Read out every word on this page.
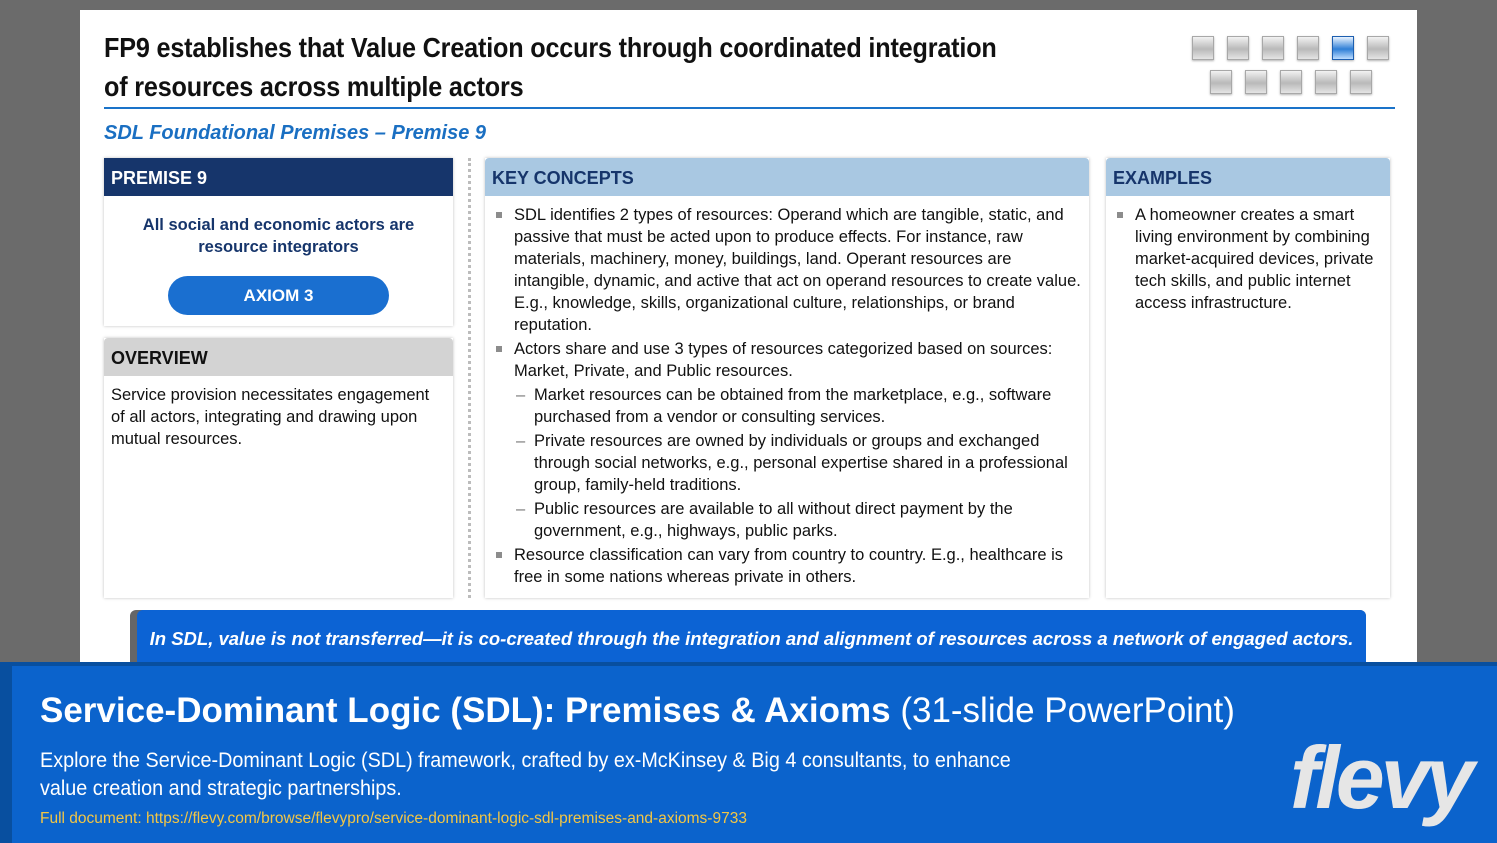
FP9 establishes that Value Creation occurs through coordinated integration of resources across multiple actors
SDL Foundational Premises – Premise 9
PREMISE 9
All social and economic actors are resource integrators
AXIOM 3
OVERVIEW
Service provision necessitates engagement of all actors, integrating and drawing upon mutual resources.
KEY CONCEPTS
SDL identifies 2 types of resources: Operand which are tangible, static, and passive that must be acted upon to produce effects. For instance, raw materials, machinery, money, buildings, land. Operant resources are intangible, dynamic, and active that act on operand resources to create value. E.g., knowledge, skills, organizational culture, relationships, or brand reputation.
Actors share and use 3 types of resources categorized based on sources: Market, Private, and Public resources.
– Market resources can be obtained from the marketplace, e.g., software purchased from a vendor or consulting services.
– Private resources are owned by individuals or groups and exchanged through social networks, e.g., personal expertise shared in a professional group, family-held traditions.
– Public resources are available to all without direct payment by the government, e.g., highways, public parks.
Resource classification can vary from country to country. E.g., healthcare is free in some nations whereas private in others.
EXAMPLES
A homeowner creates a smart living environment by combining market-acquired devices, private tech skills, and public internet access infrastructure.
In SDL, value is not transferred—it is co-created through the integration and alignment of resources across a network of engaged actors.
Service-Dominant Logic (SDL): Premises & Axioms (31-slide PowerPoint)
Explore the Service-Dominant Logic (SDL) framework, crafted by ex-McKinsey & Big 4 consultants, to enhance value creation and strategic partnerships.
Full document: https://flevy.com/browse/flevypro/service-dominant-logic-sdl-premises-and-axioms-9733	flevy
